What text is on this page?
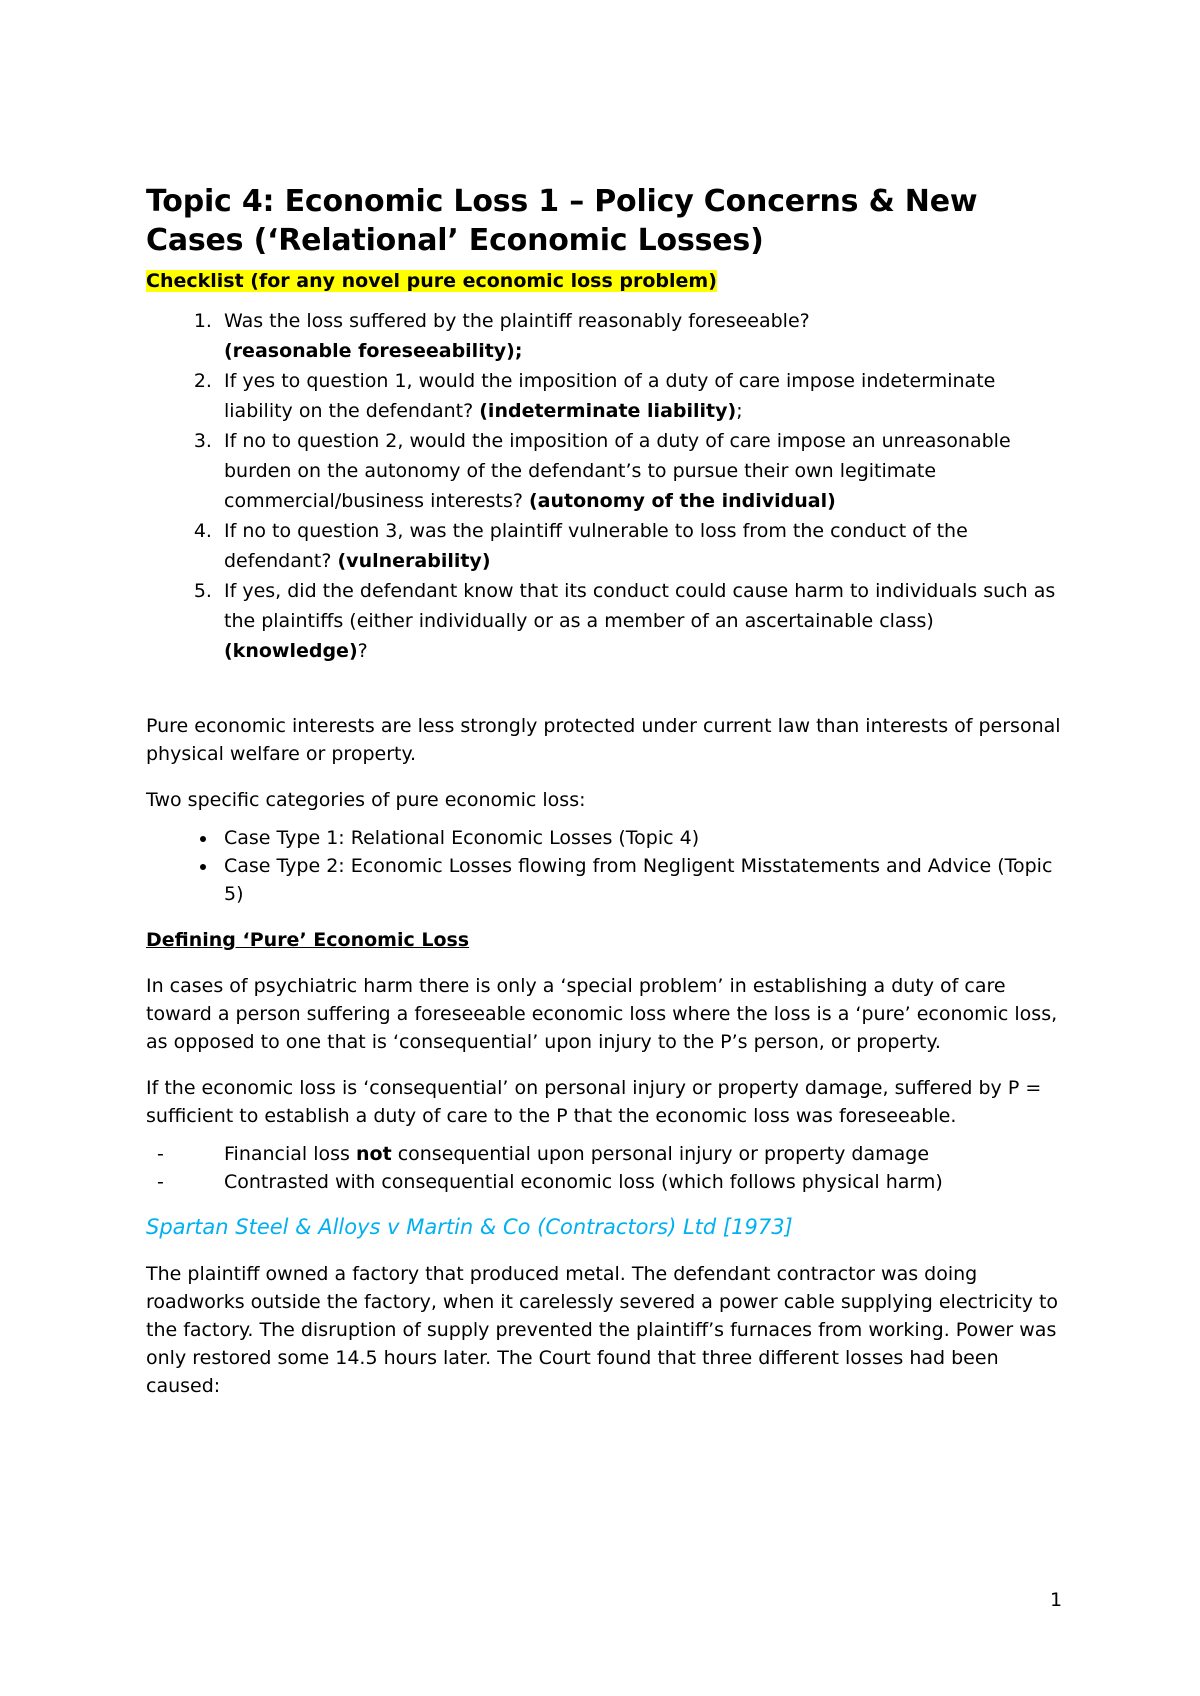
Topic 4: Economic Loss 1 – Policy Concerns & New Cases (‘Relational’ Economic Losses)
Checklist (for any novel pure economic loss problem)
1. Was the loss suffered by the plaintiff reasonably foreseeable?
(reasonable foreseeability);
2. If yes to question 1, would the imposition of a duty of care impose indeterminate liability on the defendant? (indeterminate liability);
3. If no to question 2, would the imposition of a duty of care impose an unreasonable burden on the autonomy of the defendant’s to pursue their own legitimate commercial/business interests? (autonomy of the individual)
4. If no to question 3, was the plaintiff vulnerable to loss from the conduct of the defendant? (vulnerability)
5. If yes, did the defendant know that its conduct could cause harm to individuals such as the plaintiffs (either individually or as a member of an ascertainable class) (knowledge)?

Pure economic interests are less strongly protected under current law than interests of personal physical welfare or property.

Two specific categories of pure economic loss:

• Case Type 1: Relational Economic Losses (Topic 4)
• Case Type 2: Economic Losses flowing from Negligent Misstatements and Advice (Topic 5)
Defining ‘Pure’ Economic Loss

In cases of psychiatric harm there is only a ‘special problem’ in establishing a duty of care toward a person suffering a foreseeable economic loss where the loss is a ‘pure’ economic loss, as opposed to one that is ‘consequential’ upon injury to the P’s person, or property.

If the economic loss is ‘consequential’ on personal injury or property damage, suffered by P = sufficient to establish a duty of care to the P that the economic loss was foreseeable.

- Financial loss not consequential upon personal injury or property damage
- Contrasted with consequential economic loss (which follows physical harm)
Spartan Steel & Alloys v Martin & Co (Contractors) Ltd [1973]

The plaintiff owned a factory that produced metal. The defendant contractor was doing roadworks outside the factory, when it carelessly severed a power cable supplying electricity to the factory. The disruption of supply prevented the plaintiff’s furnaces from working. Power was only restored some 14.5 hours later. The Court found that three different losses had been caused:

1
